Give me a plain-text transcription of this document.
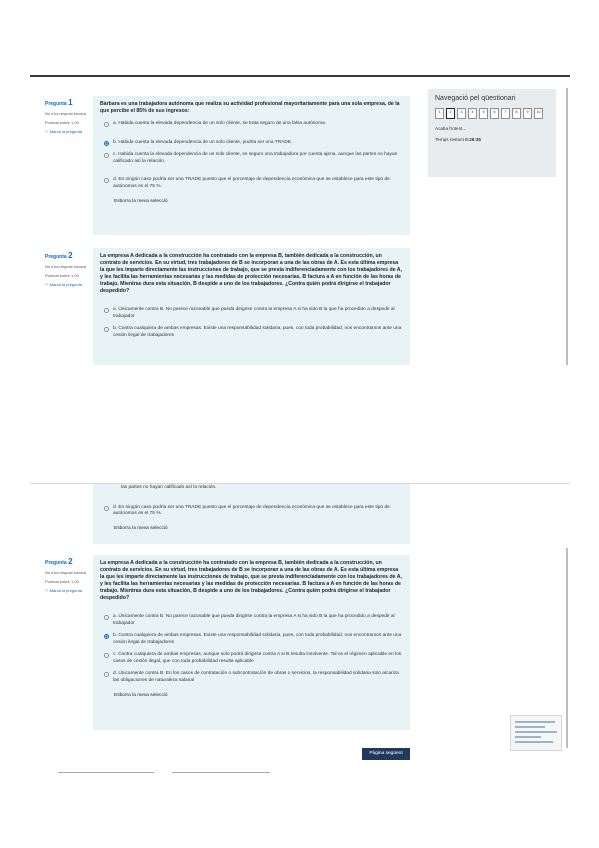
Pregunta 1
No s'ha respost encara
Puntuat sobre 1,00
⚐ Marca la pregunta
Bàrbara es una trabajadora autónoma que realiza su actividad profesional mayoritariamente para una sola empresa, de la que percibe el 85% de sus ingresos:
a. Habida cuenta la elevada dependencia de un solo cliente, se trata seguro de una falsa autónoma.
b. Habida cuenta la elevada dependencia de un solo cliente, podría ser una TRADE.
c. Habida cuenta la elevada dependencia de un solo cliente, es seguro una trabajadora por cuenta ajena, aunque las partes no hayan calificado así la relación.
d. En ningún caso podría ser una TRADE puesto que el porcentaje de dependencia económica que se establece para este tipo de autónomos es el 75 %.
Esborra la meva selecció
Pregunta 2
No s'ha respost encara
Puntuat sobre 1,00
⚐ Marca la pregunta
La empresa A dedicada a la construcción ha contratado con la empresa B, también dedicada a la construcción, un contrato de servicios. En su virtud, tres trabajadores de B se incorporan a una de las obras de A. Es esta última empresa la que les imparte directamente las instrucciones de trabajo, que se presta indiferenciadamente con los trabajadores de A, y les facilita las herramientas necesarias y las medidas de protección necesarias. B factura a A en función de las horas de trabajo. Mientras dura esta situación, B despide a uno de los trabajadores. ¿Contra quién podrá dirigirse el trabajador despedido?
a. Únicamente contra B. No parece razonable que pueda dirigirse contra la empresa A si ha sido B la que ha procedido a despedir al trabajador
b. Contra cualquiera de ambas empresas. Existe una responsabilidad solidaria, pues, con toda probabilidad, nos encontramos ante una cesión ilegal de trabajadores
Navegació pel qüestionari
1	2	3	4	5	6	7	8	9	10
Acaba l'intent...
Temps restant 0:26:35
las partes no hayan calificado así la relación.
d. En ningún caso podría ser una TRADE puesto que el porcentaje de dependencia económica que se establece para este tipo de autónomos es el 75 %.
Esborra la meva selecció
Pregunta 2
No s'ha respost encara
Puntuat sobre 1,00
⚐ Marca la pregunta
La empresa A dedicada a la construcción ha contratado con la empresa B, también dedicada a la construcción, un contrato de servicios. En su virtud, tres trabajadores de B se incorporan a una de las obras de A. Es esta última empresa la que les imparte directamente las instrucciones de trabajo, que se presta indiferenciadamente con los trabajadores de A, y les facilita las herramientas necesarias y las medidas de protección necesarias. B factura a A en función de las horas de trabajo. Mientras dura esta situación, B despide a uno de los trabajadores. ¿Contra quién podrá dirigirse el trabajador despedido?
a. Únicamente contra B. No parece razonable que pueda dirigirse contra la empresa A si ha sido B la que ha procedido a despedir al trabajador
b. Contra cualquiera de ambas empresas. Existe una responsabilidad solidaria, pues, con toda probabilidad, nos encontramos ante una cesión ilegal de trabajadores
c. Contra cualquiera de ambas empresas, aunque solo podrá dirigirse contra A si B resulta insolvente. Tal es el régimen aplicable en los casos de cesión ilegal, que con toda probabilidad resulta aplicable
d. Únicamente contra B. En los casos de contratación o subcontratación de obras o servicios, la responsabilidad solidaria solo alcanza las obligaciones de naturaleza salarial
Esborra la meva selecció
Pàgina següent
